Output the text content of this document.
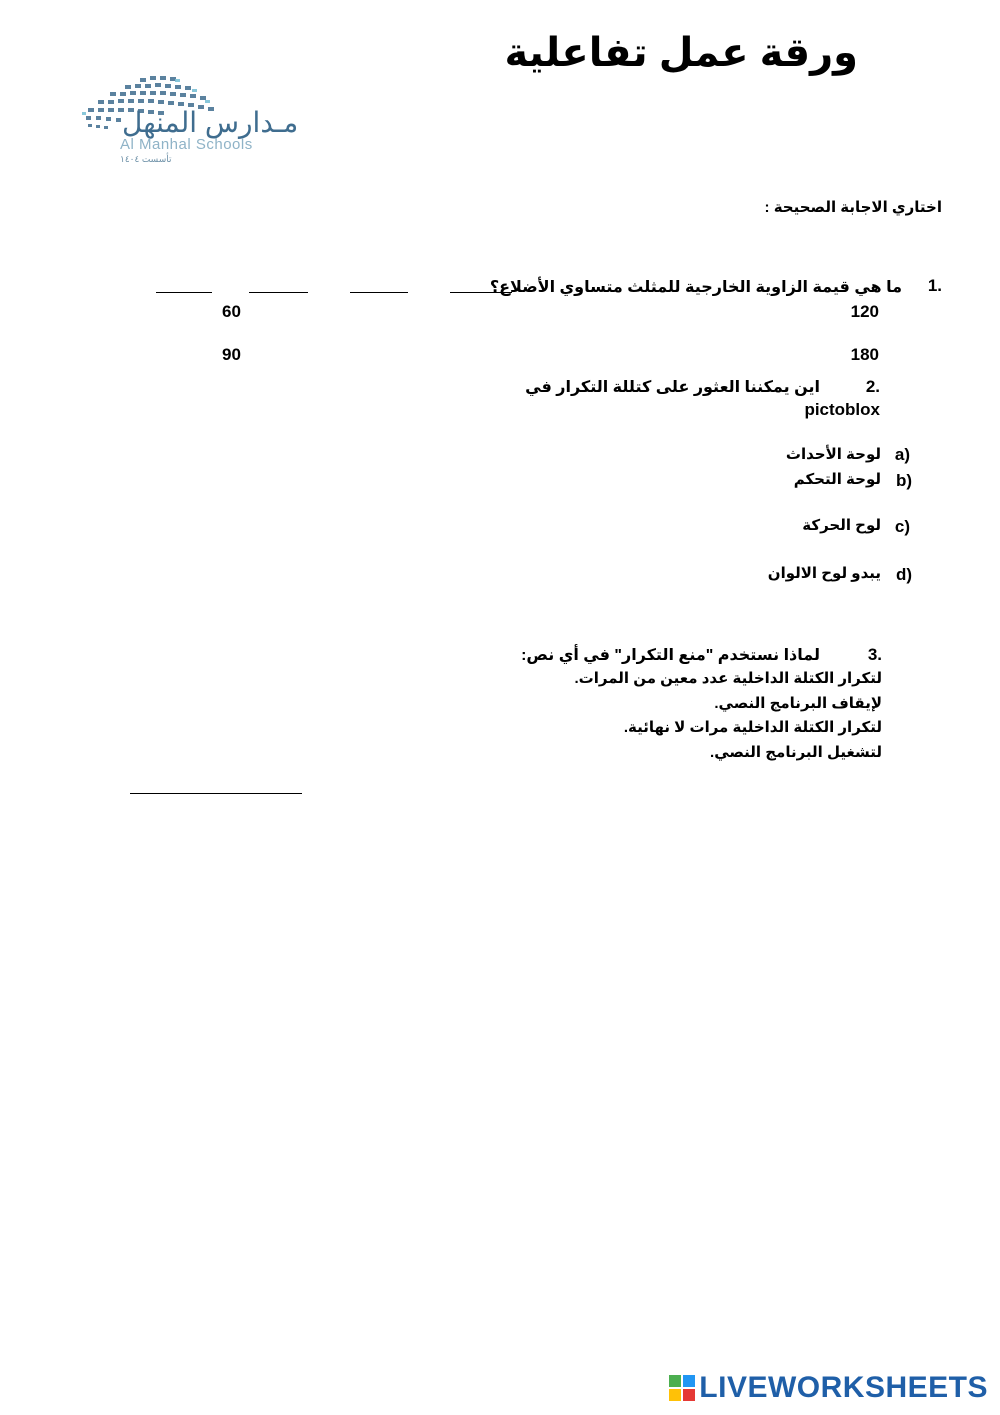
مـدارس المنهل
Al Manhal Schools
تأسست ١٤٠٤
ورقة عمل تفاعلية
اختاري الاجابة الصحيحة :
1.
ما هي قيمة الزاوية الخارجية للمثلث متساوي الأضلاع؟
120
60
180
90
2.
اين يمكننا العثور على كتللة التكرار في
pictoblox
a)
لوحة الأحداث
b)
لوحة التحكم
c)
لوح الحركة
d)
يبدو لوح الالوان
3.
لماذا نستخدم "منع التكرار" في أي نص:
لتكرار الكتلة الداخلية عدد معين من المرات.
لإيقاف البرنامج النصي.
لتكرار الكتلة الداخلية مرات لا نهائية.
لتشغيل البرنامج النصي.
LIVEWORKSHEETS
